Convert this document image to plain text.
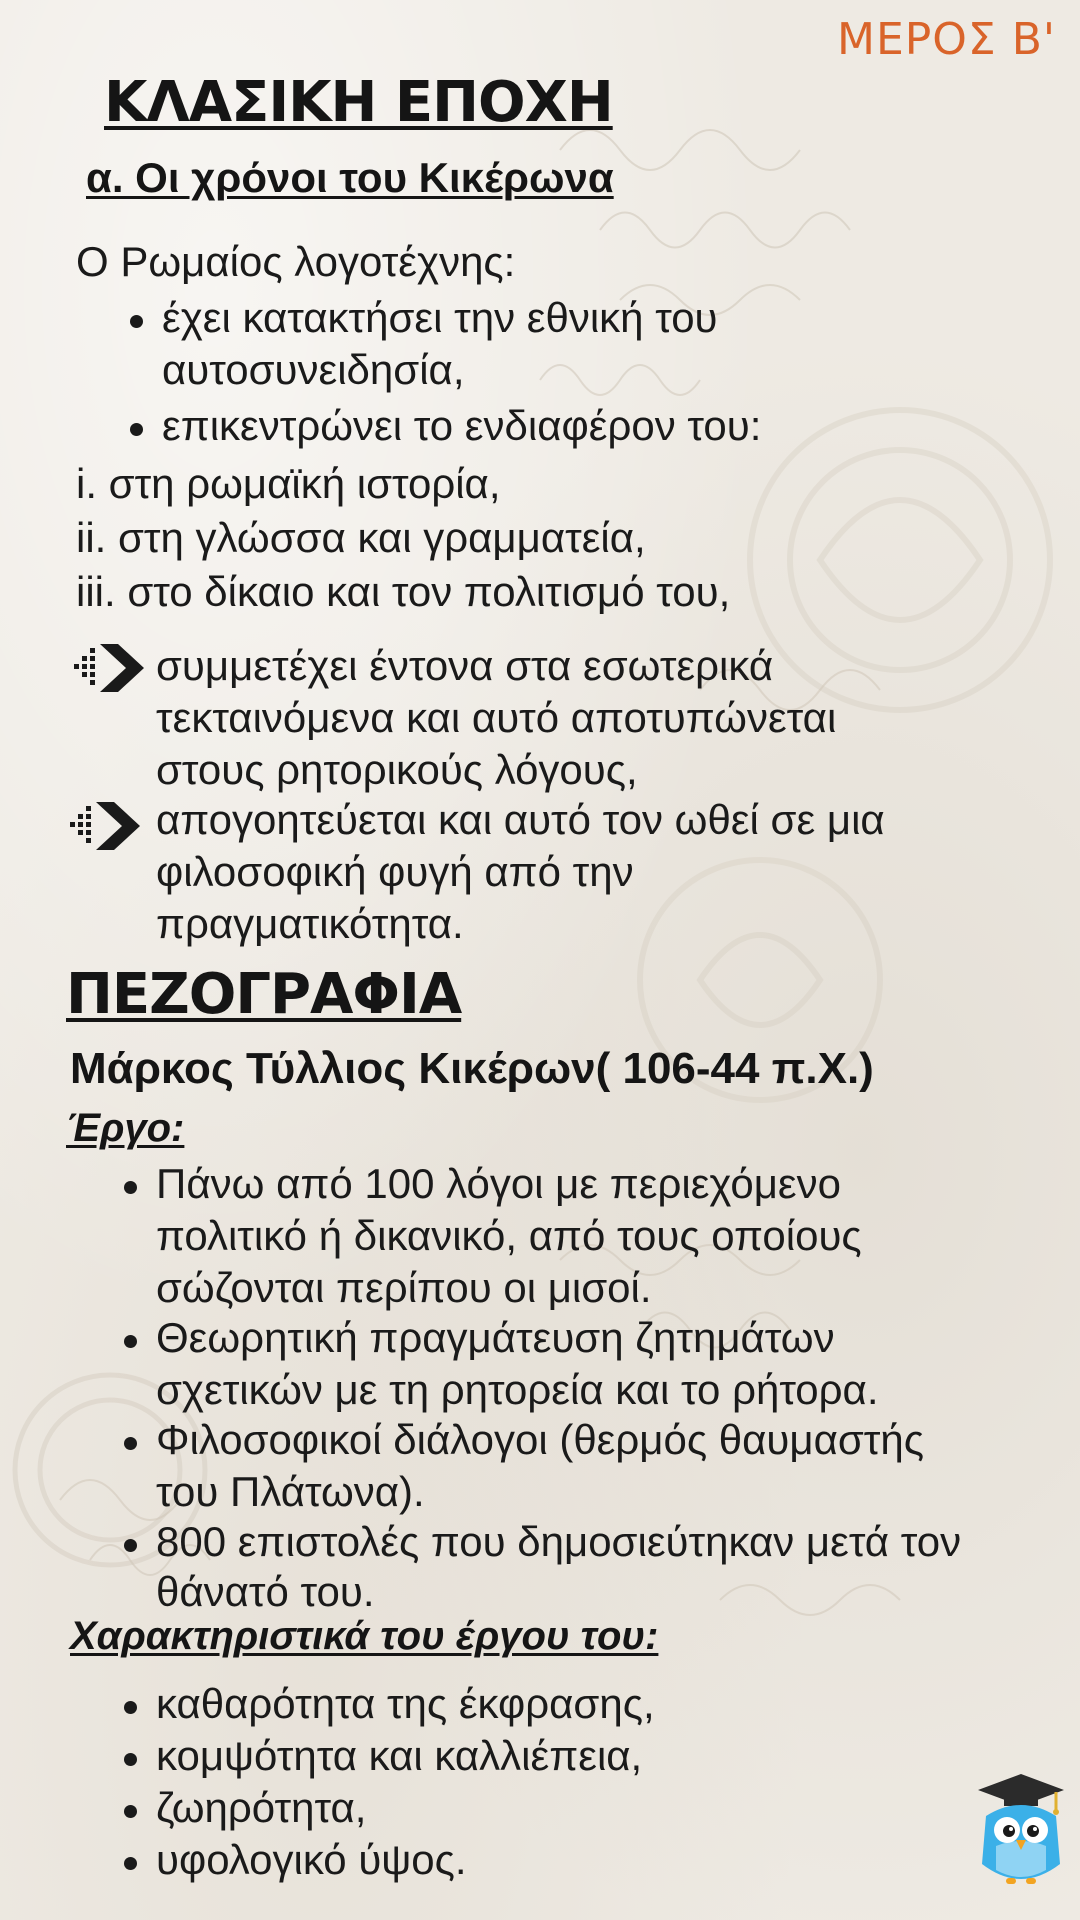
ΜΕΡΟΣ Β'
ΚΛΑΣΙΚΗ ΕΠΟΧΗ
α. Οι χρόνοι του Κικέρωνα
Ο Ρωμαίος λογοτέχνης:
έχει κατακτήσει την εθνική του
αυτοσυνειδησία,
επικεντρώνει το ενδιαφέρον του:
i. στη ρωμαϊκή ιστορία,
ii. στη γλώσσα και γραμματεία,
iii. στο δίκαιο και τον πολιτισμό του,
συμμετέχει έντονα στα εσωτερικά
τεκταινόμενα και αυτό αποτυπώνεται
στους ρητορικούς λόγους,
απογοητεύεται και αυτό τον ωθεί σε μια
φιλοσοφική φυγή από την
πραγματικότητα.
ΠΕΖΟΓΡΑΦΙΑ
Μάρκος Τύλλιος Κικέρων( 106-44 π.Χ.)
Έργο:
Πάνω από 100 λόγοι με περιεχόμενο
πολιτικό ή δικανικό, από τους οποίους
σώζονται περίπου οι μισοί.
Θεωρητική πραγμάτευση ζητημάτων
σχετικών με τη ρητορεία και το ρήτορα.
Φιλοσοφικοί διάλογοι (θερμός θαυμαστής
του Πλάτωνα).
800 επιστολές που δημοσιεύτηκαν μετά τον
θάνατό του.
Χαρακτηριστικά του έργου του:
καθαρότητα της έκφρασης,
κομψότητα και καλλιέπεια,
ζωηρότητα,
υφολογικό ύψος.
